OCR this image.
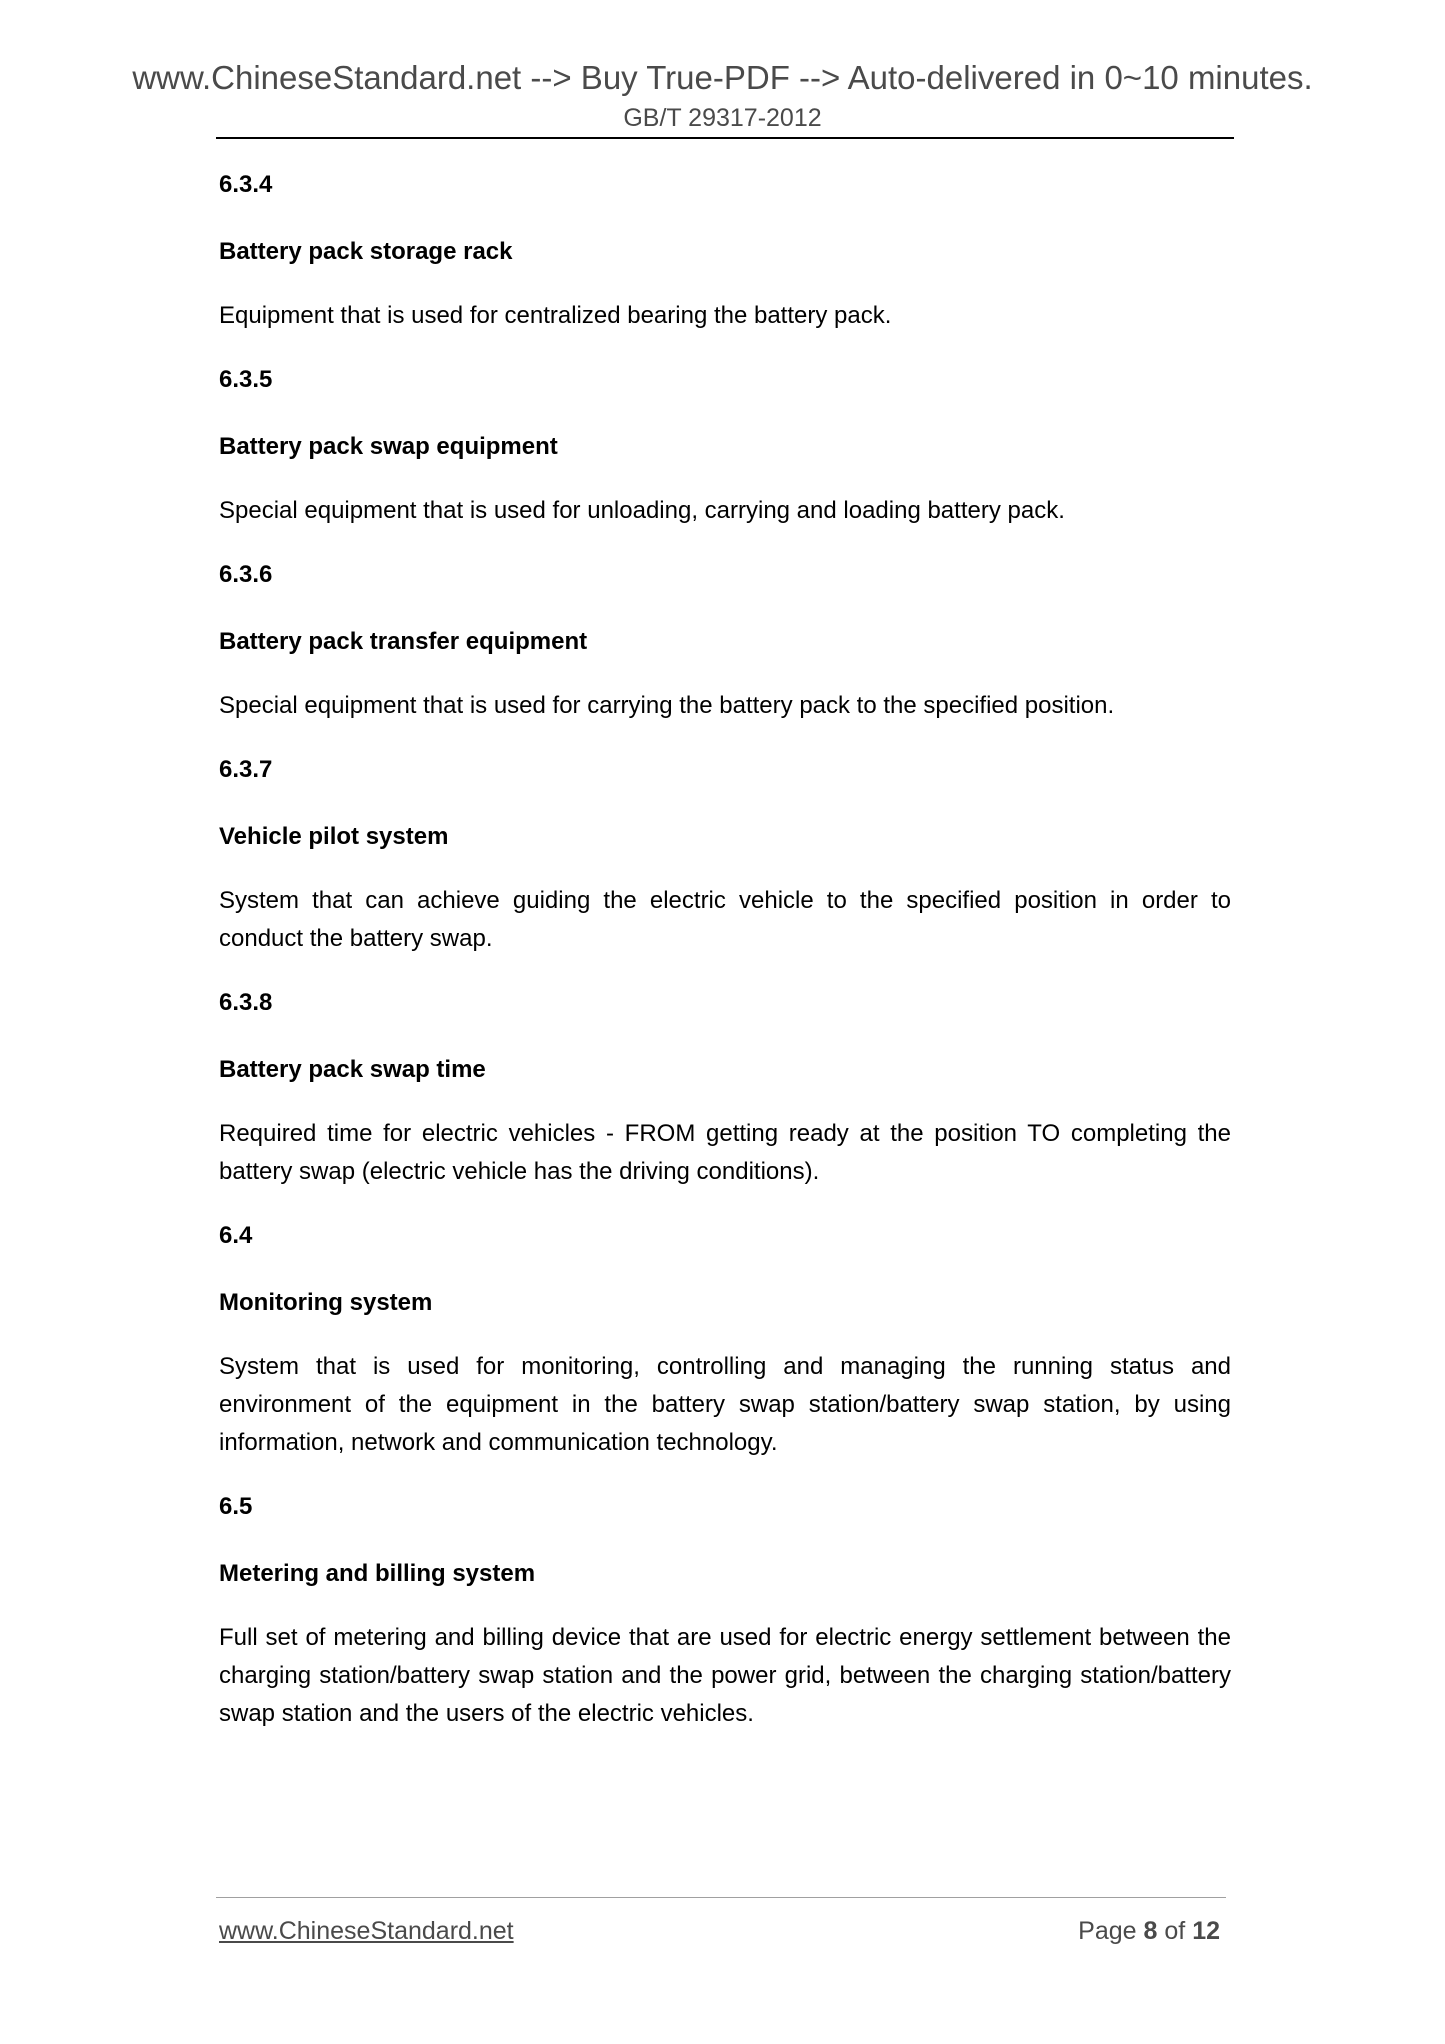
www.ChineseStandard.net --> Buy True-PDF --> Auto-delivered in 0~10 minutes.
GB/T 29317-2012

6.3.4

Battery pack storage rack

Equipment that is used for centralized bearing the battery pack.

6.3.5

Battery pack swap equipment

Special equipment that is used for unloading, carrying and loading battery pack.

6.3.6

Battery pack transfer equipment

Special equipment that is used for carrying the battery pack to the specified position.

6.3.7

Vehicle pilot system

System that can achieve guiding the electric vehicle to the specified position in order to conduct the battery swap.

6.3.8

Battery pack swap time

Required time for electric vehicles - FROM getting ready at the position TO completing the battery swap (electric vehicle has the driving conditions).

6.4

Monitoring system

System that is used for monitoring, controlling and managing the running status and environment of the equipment in the battery swap station/battery swap station, by using information, network and communication technology.

6.5

Metering and billing system

Full set of metering and billing device that are used for electric energy settlement between the charging station/battery swap station and the power grid, between the charging station/battery swap station and the users of the electric vehicles.

www.ChineseStandard.net	Page 8 of 12
